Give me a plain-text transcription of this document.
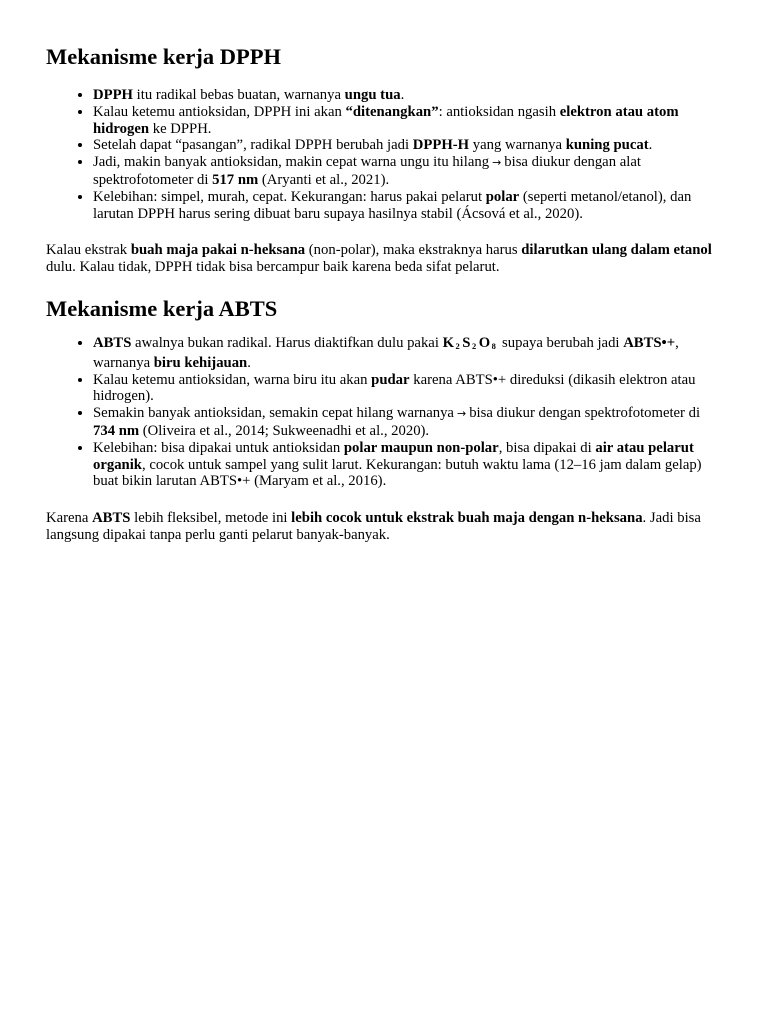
Mekanisme kerja DPPH
• DPPH itu radikal bebas buatan, warnanya ungu tua.
• Kalau ketemu antioksidan, DPPH ini akan “ditenangkan”: antioksidan ngasih elektron atau atom hidrogen ke DPPH.
• Setelah dapat “pasangan”, radikal DPPH berubah jadi DPPH-H yang warnanya kuning pucat.
• Jadi, makin banyak antioksidan, makin cepat warna ungu itu hilang → bisa diukur dengan alat spektrofotometer di 517 nm (Aryanti et al., 2021).
• Kelebihan: simpel, murah, cepat. Kekurangan: harus pakai pelarut polar (seperti metanol/etanol), dan larutan DPPH harus sering dibuat baru supaya hasilnya stabil (Ácsová et al., 2020).

Kalau ekstrak buah maja pakai n-heksana (non-polar), maka ekstraknya harus dilarutkan ulang dalam etanol dulu. Kalau tidak, DPPH tidak bisa bercampur baik karena beda sifat pelarut.

Mekanisme kerja ABTS
• ABTS awalnya bukan radikal. Harus diaktifkan dulu pakai $K_2$ $S_2$ $O_8$ supaya berubah jadi ABTS•+, warnanya biru kehijauan.
• Kalau ketemu antioksidan, warna biru itu akan pudar karena ABTS•+ direduksi (dikasih elektron atau hidrogen).
• Semakin banyak antioksidan, semakin cepat hilang warnanya → bisa diukur dengan spektrofotometer di 734 nm (Oliveira et al., 2014; Sukweenadhi et al., 2020).
• Kelebihan: bisa dipakai untuk antioksidan polar maupun non-polar, bisa dipakai di air atau pelarut organik, cocok untuk sampel yang sulit larut. Kekurangan: butuh waktu lama (12–16 jam dalam gelap) buat bikin larutan ABTS•+ (Maryam et al., 2016).

Karena ABTS lebih fleksibel, metode ini lebih cocok untuk ekstrak buah maja dengan n-heksana. Jadi bisa langsung dipakai tanpa perlu ganti pelarut banyak-banyak.
